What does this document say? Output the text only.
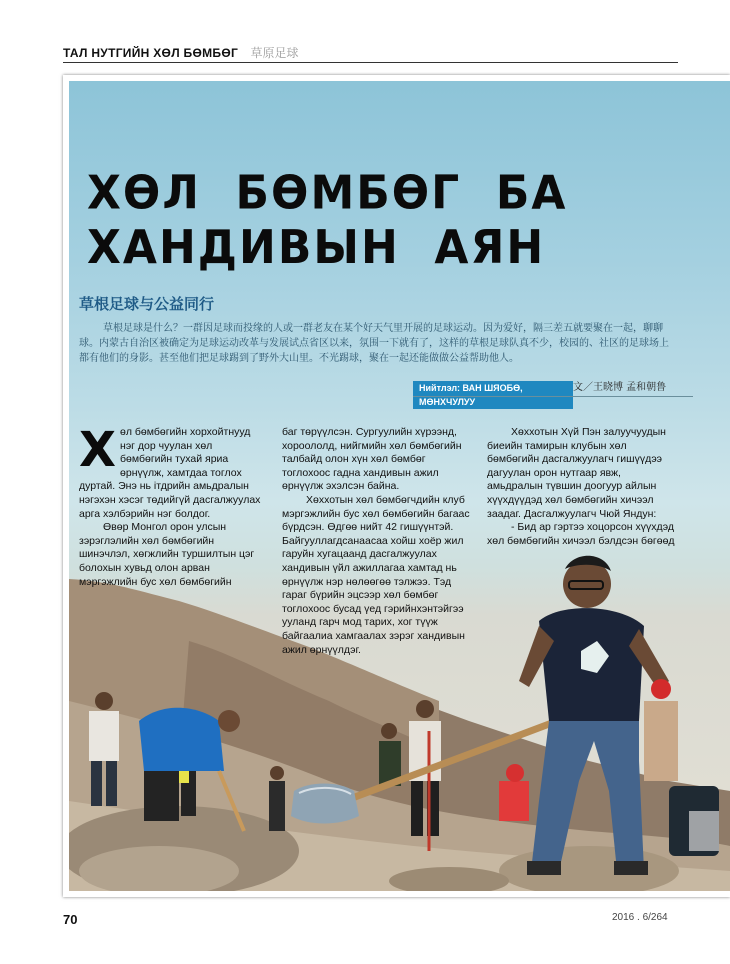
ТАЛ НУТГИЙН ХӨЛ БӨМБӨГ 草原足球
ХӨЛ  БӨМБӨГ  БА
ХАНДИВЫН  АЯН
草根足球与公益同行
草根足球是什么？一群因足球而投缘的人或一群老友在某个好天气里开展的足球运动。因为爱好，隔三差五就要聚在一起，聊聊球。内蒙古自治区被确定为足球运动改革与发展试点省区以来，氛围一下就有了，这样的草根足球队真不少，校园的、社区的足球场上都有他们的身影。甚至他们把足球踢到了野外大山里。不光踢球，聚在一起还能做做公益帮助他人。
Нийтлэл: ВАН ШЯОБӨ, МӨНХЧУЛУУ
文／王晓博 孟和朝鲁

Хөл бөмбөгийн хорхойтнууд нэг дор чуулан хөл бөмбөгийн тухай яриа өрнүүлж, хамтдаа тоглох дуртай. Энэ нь ітдрийн амьдралын нэгэхэн хэсэг төдийгүй дасгалжуулах арга хэлбэрийн нэг болдог.

Өвөр Монгол орон улсын зэрэглэлийн хөл бөмбөгийн шинэчлэл, хөгжлийн туршилтын цэг болохын хувьд олон арван мэргэжлийн бус хөл бөмбөгийн

баг төрүүлсэн. Сургуулийн хүрээнд, хороололд, нийгмийн хөл бөмбөгийн талбайд олон хүн хөл бөмбөг тоглохоос гадна хандивын ажил өрнүүлж эхэлсэн байна.

Хөххотын хөл бөмбөгчдийн клуб мэргэжлийн бус хөл бөмбөгийн багаас бүрдсэн. Өдгөө нийт 42 гишүүнтэй. Байгууллагдсанаасаа хойш хоёр жил гаруйн хугацаанд дасгалжуулах хандивын үйл ажиллагаа хамтад нь өрнүүлж нэр нөлөөгөө тэлжээ. Тэд гараг бүрийн эцсээр хөл бөмбөг тоглохоос бусад үед гэрийнхэнтэйгээ ууланд гарч мод тарих, хог түүж байгаалиа хамгаалах зэрэг хандивын ажил өрнүүлдэг.

Хөххотын Хүй Пэн залуучуудын биеийн тамирын клубын хөл бөмбөгийн дасгалжуулагч гишүүдээ дагуулан орон нутгаар явж, амьдралын түвшин доогуур айлын хүүхдүүдэд хөл бөмбөгийн хичээл заадаг. Дасгалжуулагч Чюй Яндун:

- Бид ар гэртээ хоцорсон хүүхдэд хөл бөмбөгийн хичээл бэлдсэн бөгөөд

70	2016 . 6/264
